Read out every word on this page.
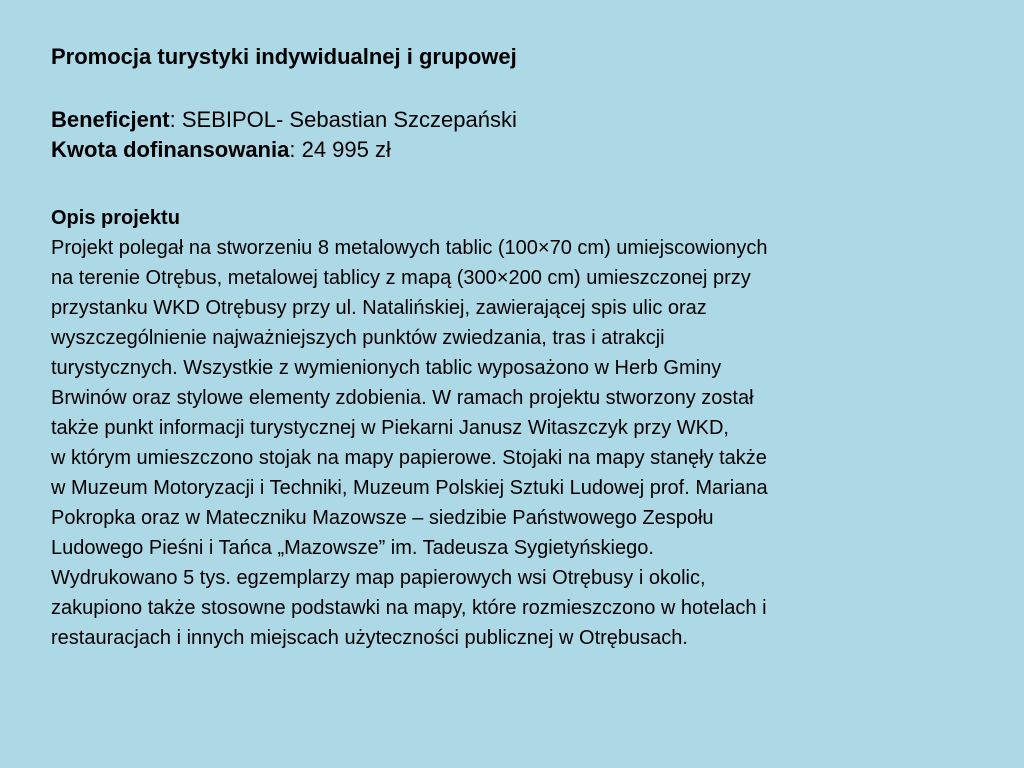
Promocja turystyki indywidualnej i grupowej
Beneficjent: SEBIPOL- Sebastian Szczepański
Kwota dofinansowania: 24 995 zł
Opis projektu
Projekt polegał na stworzeniu 8 metalowych tablic (100×70 cm) umiejscowionych
na terenie Otrębus, metalowej tablicy z mapą (300×200 cm) umieszczonej przy
przystanku WKD Otrębusy przy ul. Natalińskiej, zawierającej spis ulic oraz
wyszczególnienie najważniejszych punktów zwiedzania, tras i atrakcji
turystycznych. Wszystkie z wymienionych tablic wyposażono w Herb Gminy
Brwinów oraz stylowe elementy zdobienia. W ramach projektu stworzony został
także punkt informacji turystycznej w Piekarni Janusz Witaszczyk przy WKD,
w którym umieszczono stojak na mapy papierowe. Stojaki na mapy stanęły także
w Muzeum Motoryzacji i Techniki, Muzeum Polskiej Sztuki Ludowej prof. Mariana
Pokropka oraz w Mateczniku Mazowsze – siedzibie Państwowego Zespołu
Ludowego Pieśni i Tańca „Mazowsze” im. Tadeusza Sygietyńskiego.
Wydrukowano 5 tys. egzemplarzy map papierowych wsi Otrębusy i okolic,
zakupiono także stosowne podstawki na mapy, które rozmieszczono w hotelach i
restauracjach i innych miejscach użyteczności publicznej w Otrębusach.
